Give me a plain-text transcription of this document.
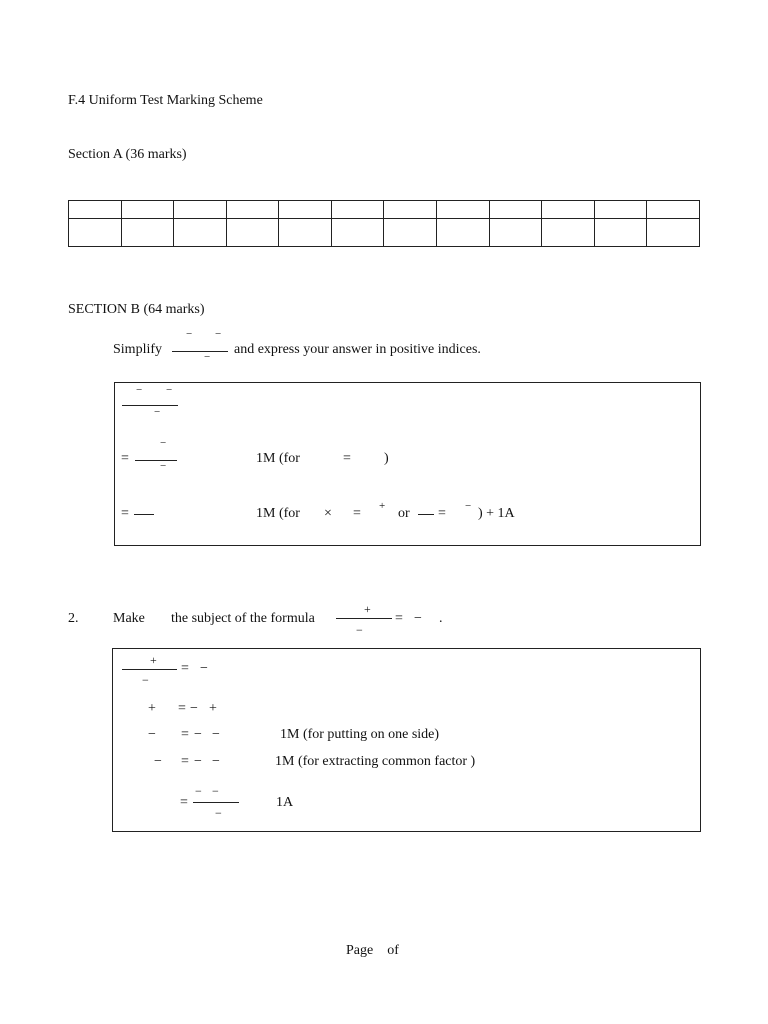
F.4 Uniform Test Marking Scheme
Section A (36 marks)

SECTION B (64 marks)
Simplify
− −
− and express your answer in positive indices.
− −
−
−
=	−	1M (for	= )
=	1M (for × = + or = − ) + 1A
2. Make the subject of the formula
+
−
= − .
+
−
= −
+ = − +
− = − −	1M (for putting on one side)
− = − −	1M (for extracting common factor )
− −
=
−
1A
Page    of
